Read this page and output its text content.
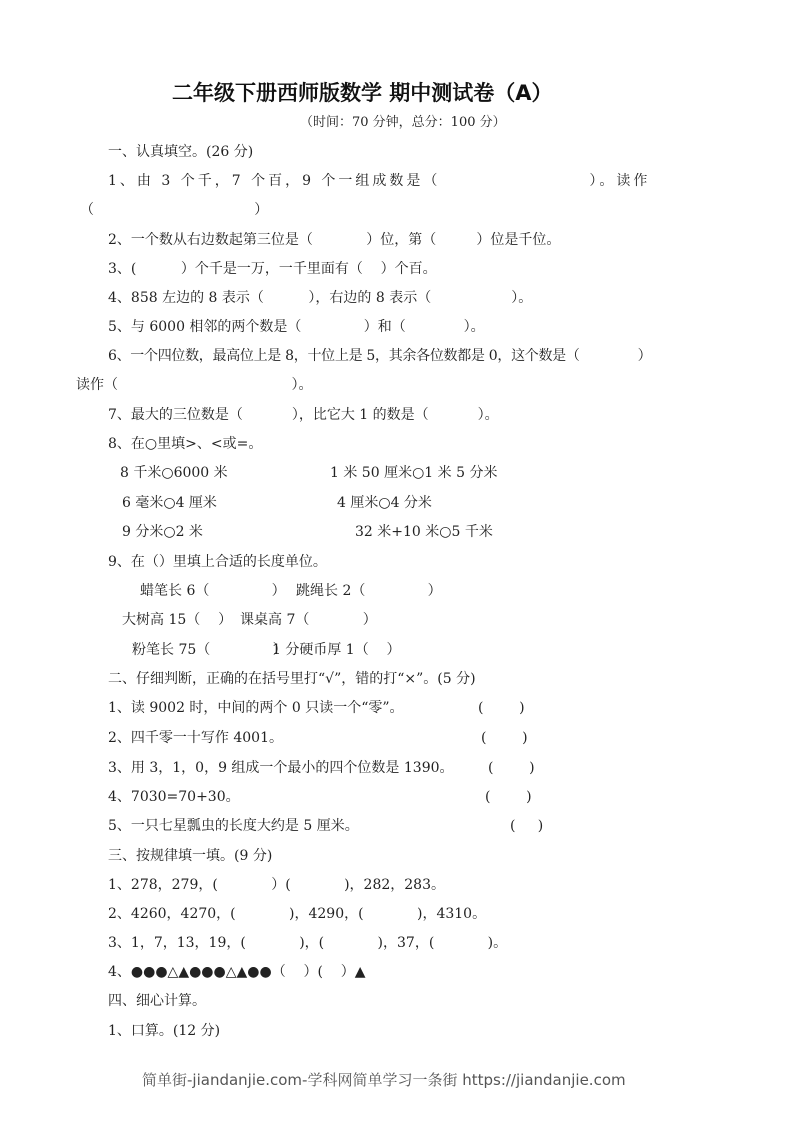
二年级下册西师版数学 期中测试卷（A）
（时间：70 分钟，总分：100 分）
一、认真填空。(26 分)
1、由 3 个千，7 个百，9 个一组成数是（                    ）。读作
（                                    ）
2、一个数从右边数起第三位是（            ）位，第（         ）位是千位。
3、(          ）个千是一万，一千里面有（    ）个百。
4、858 左边的 8 表示（          ），右边的 8 表示（                  ）。
5、与 6000 相邻的两个数是（              ）和（             ）。
6、一个四位数，最高位上是 8，十位上是 5，其余各位数都是 0，这个数是（              ）
读作（                                       ）。
7、最大的三位数是（           ），比它大 1 的数是（           ）。
8、在○里填>、<或=。
8 千米○6000 米	1 米 50 厘米○1 米 5 分米
6 毫米○4 厘米	4 厘米○4 分米
9 分米○2 米	32 米+10 米○5 千米
9、在（）里填上合适的长度单位。
蜡笔长 6（              ） 跳绳长 2（              ）
大树高 15（    ） 课桌高 7（            ）
粉笔长 75（              ）
1 分硬币厚 1（    ）
二、仔细判断，正确的在括号里打“√”，错的打“×”。(5 分)
1、读 9002 时，中间的两个 0 只读一个“零”。	(        )
2、四千零一十写作 4001。	(        )
3、用 3，1，0，9 组成一个最小的四个位数是 1390。 (        )
4、7030=70+30。	(        )
5、一只七星瓢虫的长度大约是 5 厘米。	(     )
三、按规律填一填。(9 分)
1、278，279，(            ）(            )，282，283。
2、4260，4270，(            )，4290，(            )，4310。
3、1，7，13，19，(            )，(            )，37，(            )。
4、●●●△▲●●●△▲●●（    ）(    ）▲
四、细心计算。
1、口算。(12 分)
简单街-jiandanjie.com-学科网简单学习一条街 https://jiandanjie.com
